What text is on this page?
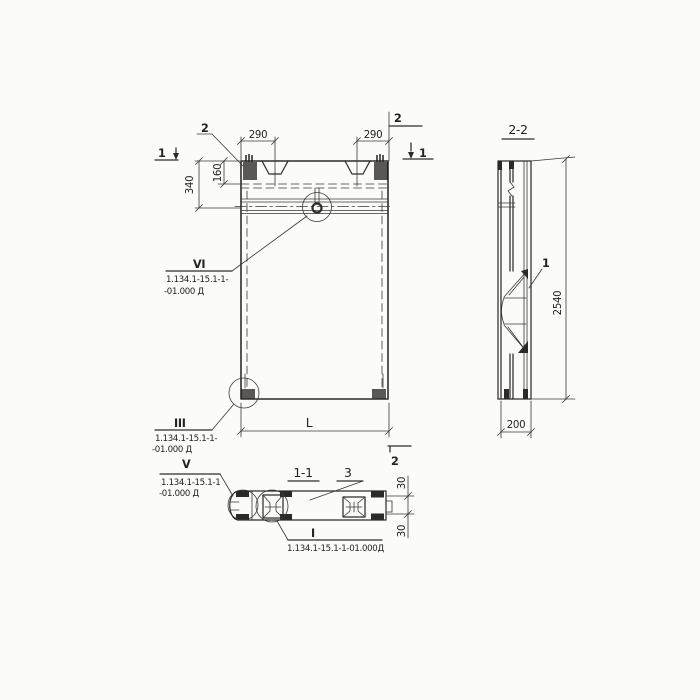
290	290
340
160
L
1	1
2
2
2
VI
1.134.1-15.1-1-
-01.000 Д
III
1.134.1-15.1-1-
-01.000 Д
V
1.134.1-15.1-1
-01.000 Д
I
1.134.1-15.1-1-01.000Д
2-2
1
2540
200
1-1	3
30
30
